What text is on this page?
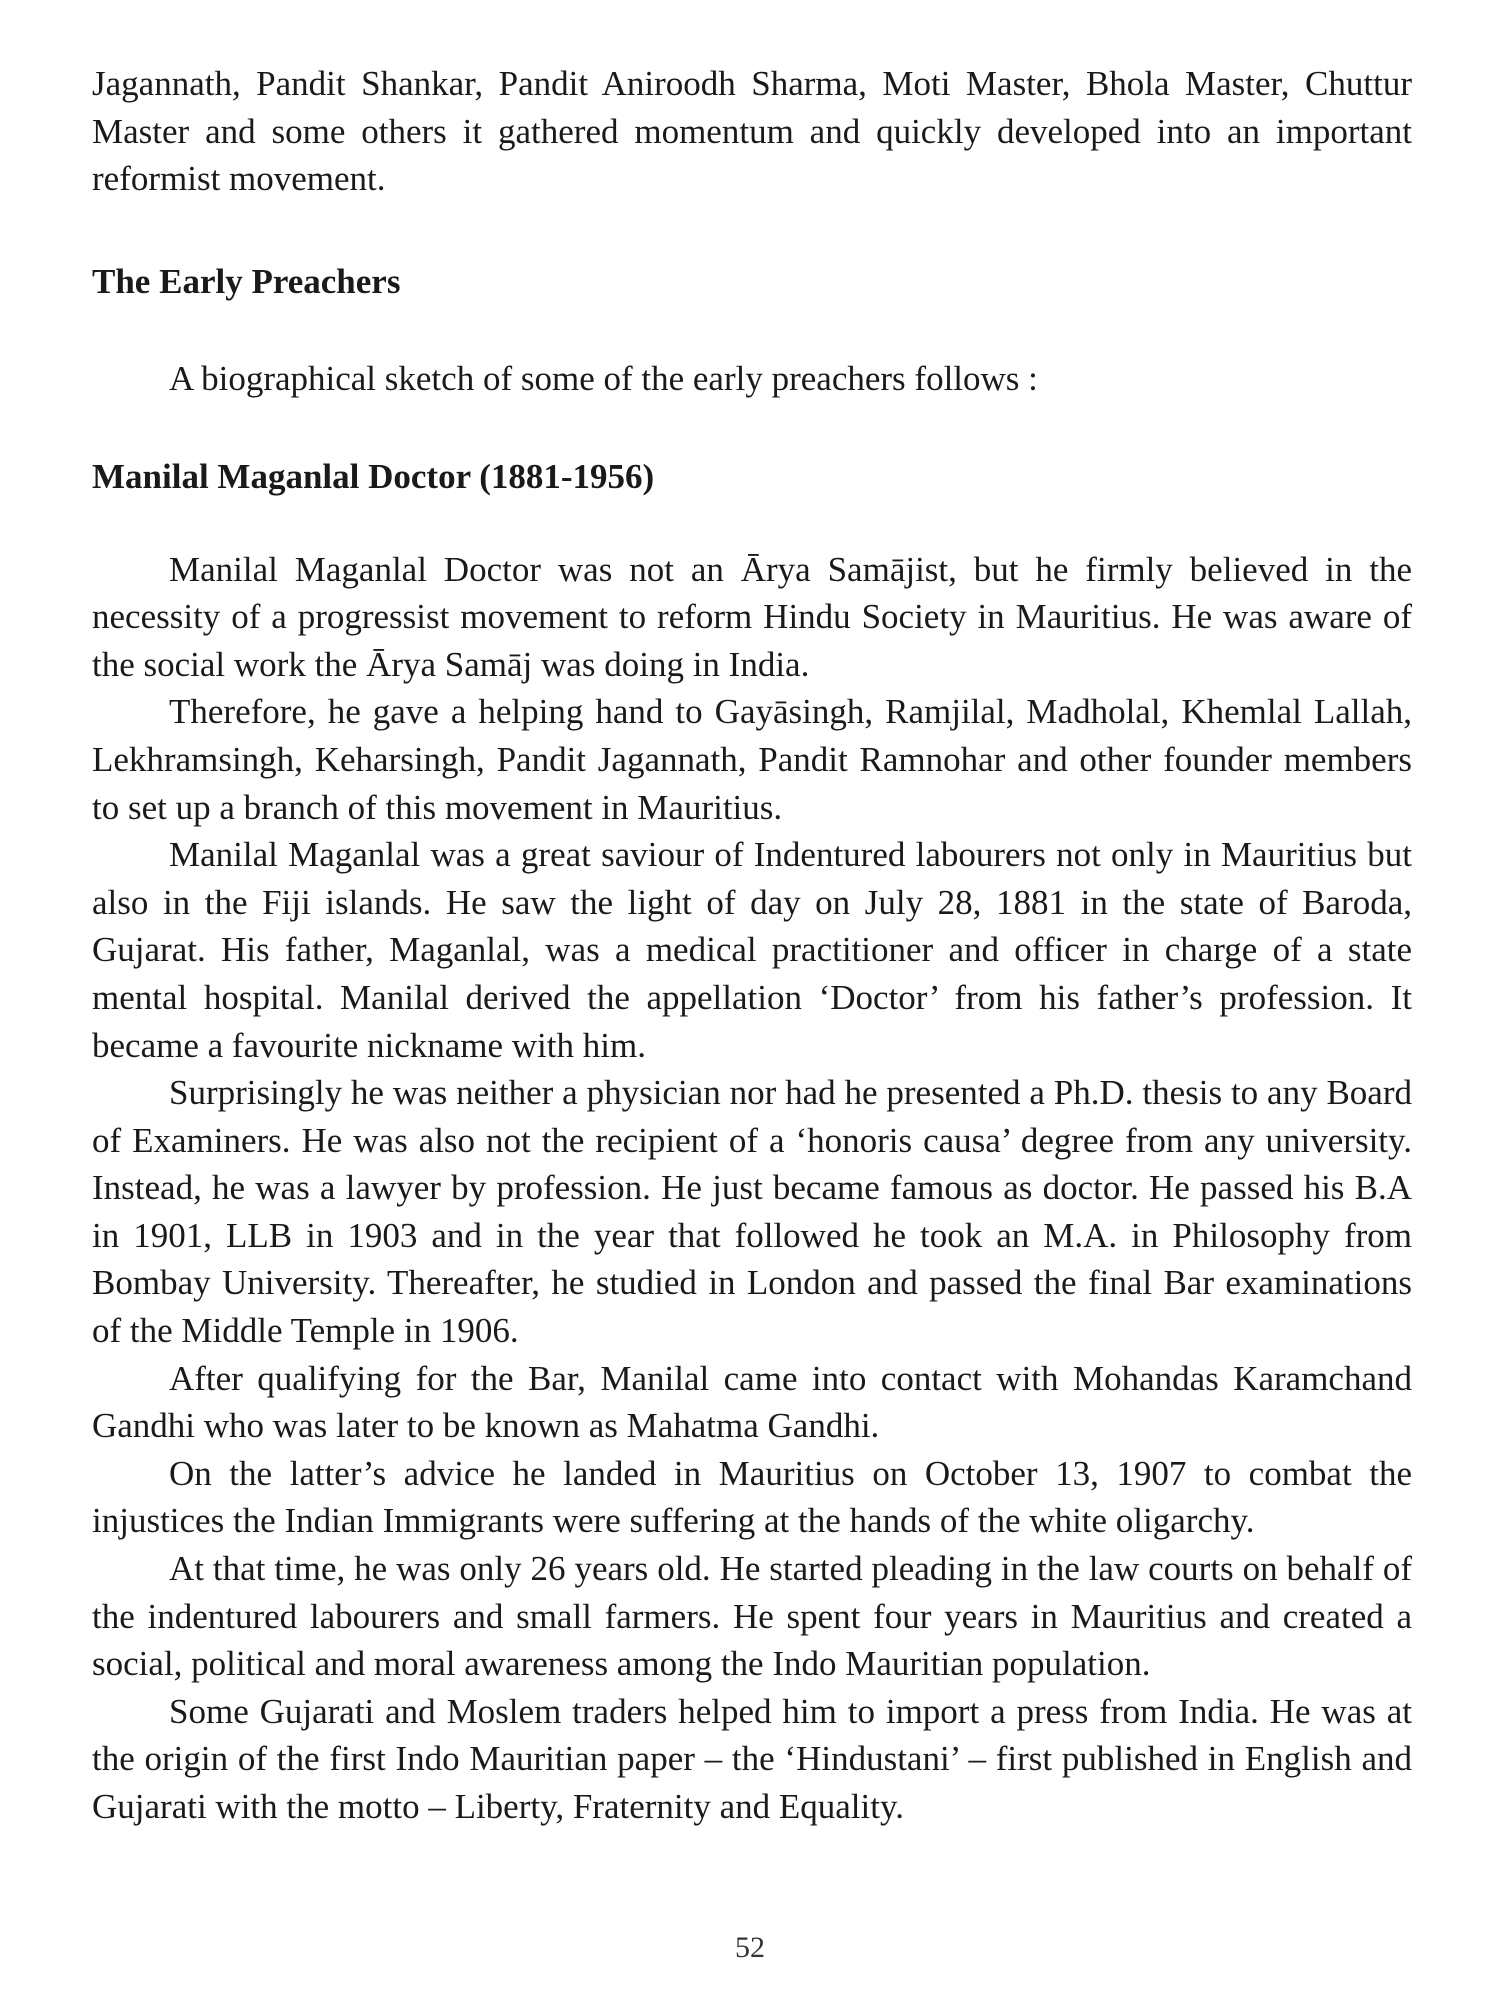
Jagannath, Pandit Shankar, Pandit Aniroodh Sharma, Moti Master, Bhola Master, Chuttur Master and some others it gathered momentum and quickly developed into an important reformist movement.

The Early Preachers

A biographical sketch of some of the early preachers follows :

Manilal Maganlal Doctor (1881-1956)

Manilal Maganlal Doctor was not an Ārya Samājist, but he firmly believed in the necessity of a progressist movement to reform Hindu Society in Mauritius. He was aware of the social work the Ārya Samāj was doing in India.

Therefore, he gave a helping hand to Gayāsingh, Ramjilal, Madholal, Khemlal Lallah, Lekhramsingh, Keharsingh, Pandit Jagannath, Pandit Ramnohar and other founder members to set up a branch of this movement in Mauritius.

Manilal Maganlal was a great saviour of Indentured labourers not only in Mauritius but also in the Fiji islands. He saw the light of day on July 28, 1881 in the state of Baroda, Gujarat. His father, Maganlal, was a medical practitioner and officer in charge of a state mental hospital. Manilal derived the appellation ‘Doctor’ from his father’s profession. It became a favourite nickname with him.

Surprisingly he was neither a physician nor had he presented a Ph.D. thesis to any Board of Examiners. He was also not the recipient of a ‘honoris causa’ degree from any university. Instead, he was a lawyer by profession. He just became famous as doctor. He passed his B.A in 1901, LLB in 1903 and in the year that followed he took an M.A. in Philosophy from Bombay University. Thereafter, he studied in London and passed the final Bar examinations of the Middle Temple in 1906.

After qualifying for the Bar, Manilal came into contact with Mohandas Karamchand Gandhi who was later to be known as Mahatma Gandhi.

On the latter’s advice he landed in Mauritius on October 13, 1907 to combat the injustices the Indian Immigrants were suffering at the hands of the white oligarchy.

At that time, he was only 26 years old. He started pleading in the law courts on behalf of the indentured labourers and small farmers. He spent four years in Mauritius and created a social, political and moral awareness among the Indo Mauritian population.

Some Gujarati and Moslem traders helped him to import a press from India. He was at the origin of the first Indo Mauritian paper – the ‘Hindustani’ – first published in English and Gujarati with the motto – Liberty, Fraternity and Equality.

52
